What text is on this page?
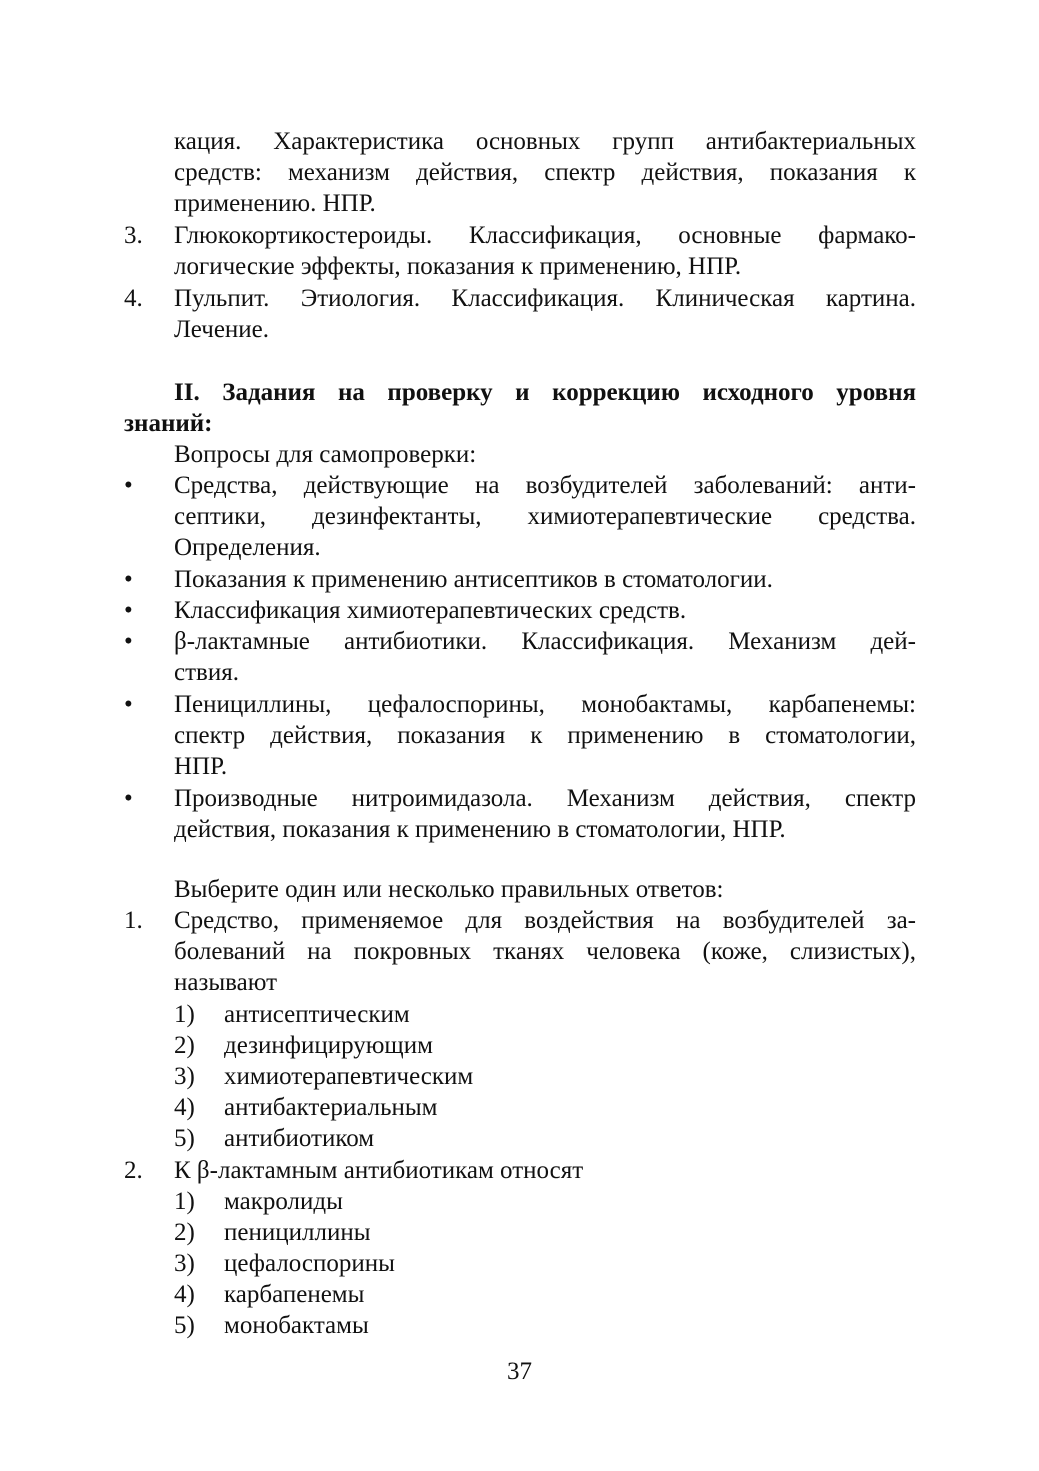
кация. Характеристика основных групп антибактериальных
средств: механизм действия, спектр действия, показания к
применению. НПР.
3. Глюкокортикостероиды. Классификация, основные фармако-
логические эффекты, показания к применению, НПР.
4. Пульпит. Этиология. Классификация. Клиническая картина.
Лечение.
II. Задания на проверку и коррекцию исходного уровня
знаний:
Вопросы для самопроверки:
• Средства, действующие на возбудителей заболеваний: анти-
септики, дезинфектанты, химиотерапевтические средства.
Определения.
• Показания к применению антисептиков в стоматологии.
• Классификация химиотерапевтических средств.
• β-лактамные антибиотики. Классификация. Механизм дей-
ствия.
• Пенициллины, цефалоспорины, монобактамы, карбапенемы:
спектр действия, показания к применению в стоматологии,
НПР.
• Производные нитроимидазола. Механизм действия, спектр
действия, показания к применению в стоматологии, НПР.
Выберите один или несколько правильных ответов:
1. Средство, применяемое для воздействия на возбудителей за-
болеваний на покровных тканях человека (коже, слизистых),
называют
1) антисептическим
2) дезинфицирующим
3) химиотерапевтическим
4) антибактериальным
5) антибиотиком
2. К β-лактамным антибиотикам относят
1) макролиды
2) пенициллины
3) цефалоспорины
4) карбапенемы
5) монобактамы
37
